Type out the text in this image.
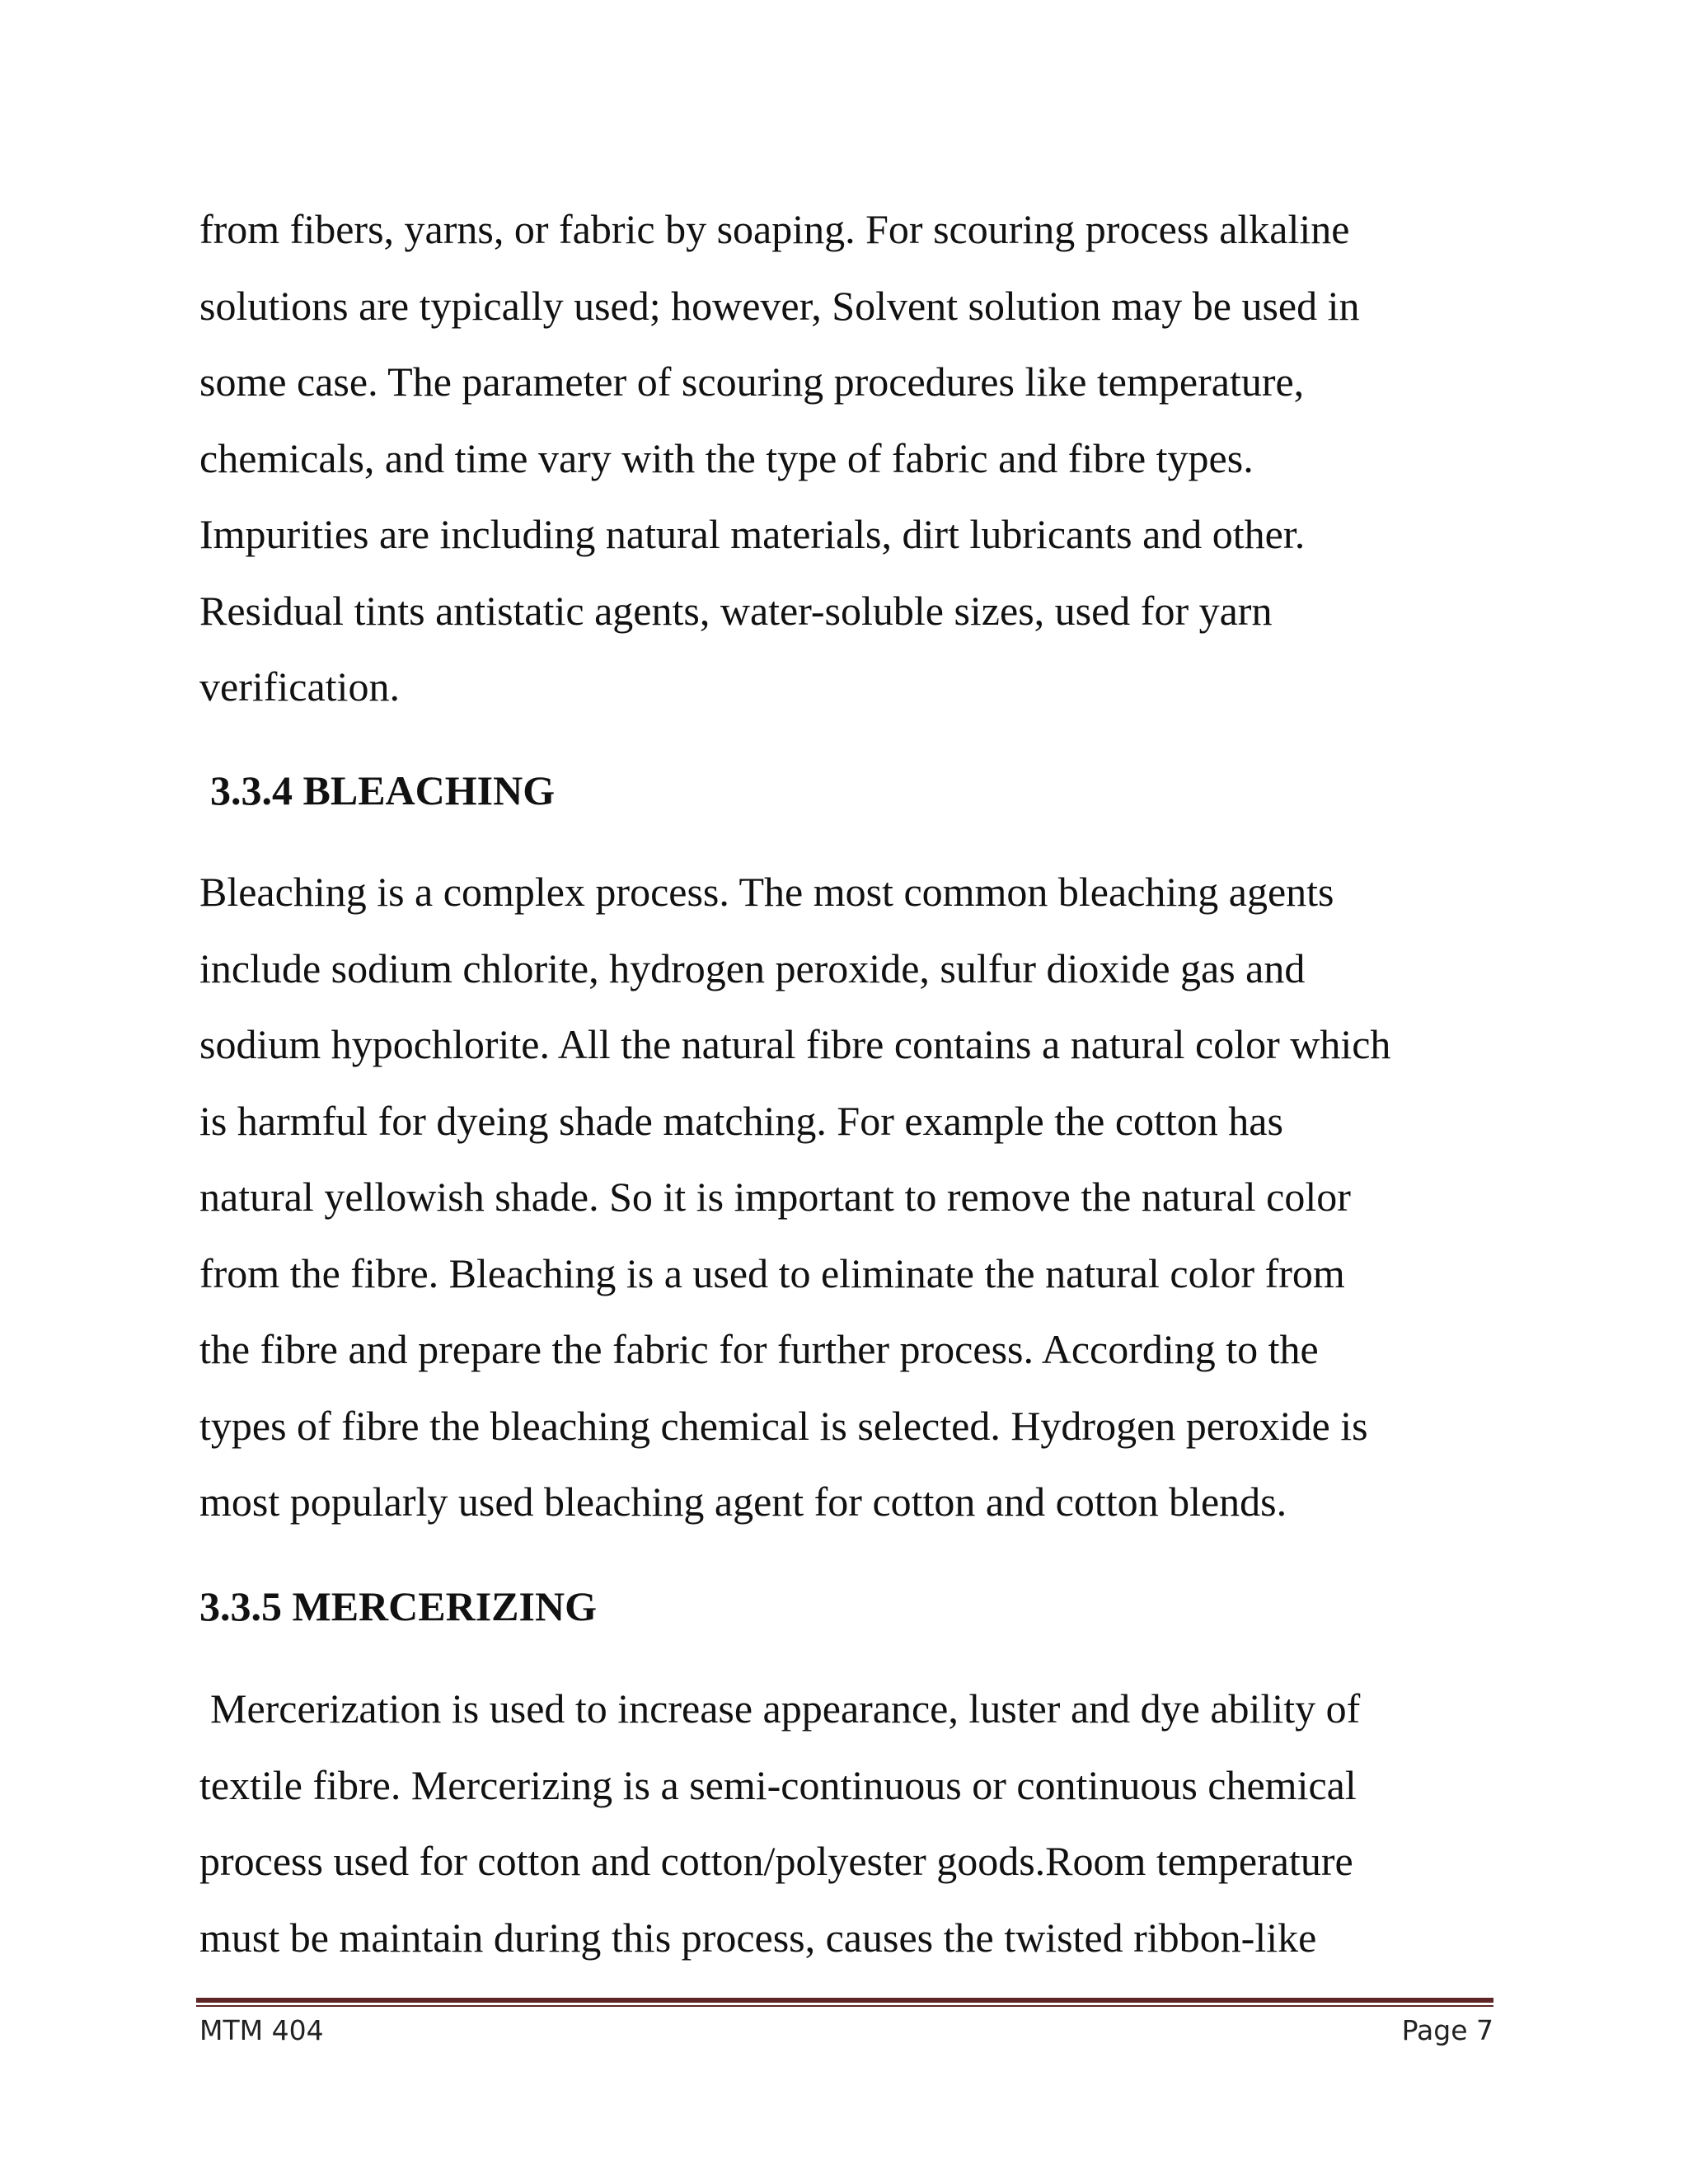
from fibers, yarns, or fabric by soaping. For scouring process alkaline
solutions are typically used; however, Solvent solution may be used in
some case. The parameter of scouring procedures like temperature,
chemicals, and time vary with the type of fabric and fibre types.
Impurities are including natural materials, dirt lubricants and other.
Residual tints antistatic agents, water-soluble sizes, used for yarn
verification.

3.3.4 BLEACHING

Bleaching is a complex process. The most common bleaching agents
include sodium chlorite, hydrogen peroxide, sulfur dioxide gas and
sodium hypochlorite. All the natural fibre contains a natural color which
is harmful for dyeing shade matching. For example the cotton has
natural yellowish shade. So it is important to remove the natural color
from the fibre. Bleaching is a used to eliminate the natural color from
the fibre and prepare the fabric for further process. According to the
types of fibre the bleaching chemical is selected. Hydrogen peroxide is
most popularly used bleaching agent for cotton and cotton blends.

3.3.5 MERCERIZING

Mercerization is used to increase appearance, luster and dye ability of
textile fibre. Mercerizing is a semi-continuous or continuous chemical
process used for cotton and cotton/polyester goods.Room temperature
must be maintain during this process, causes the twisted ribbon-like

MTM 404	Page 7
